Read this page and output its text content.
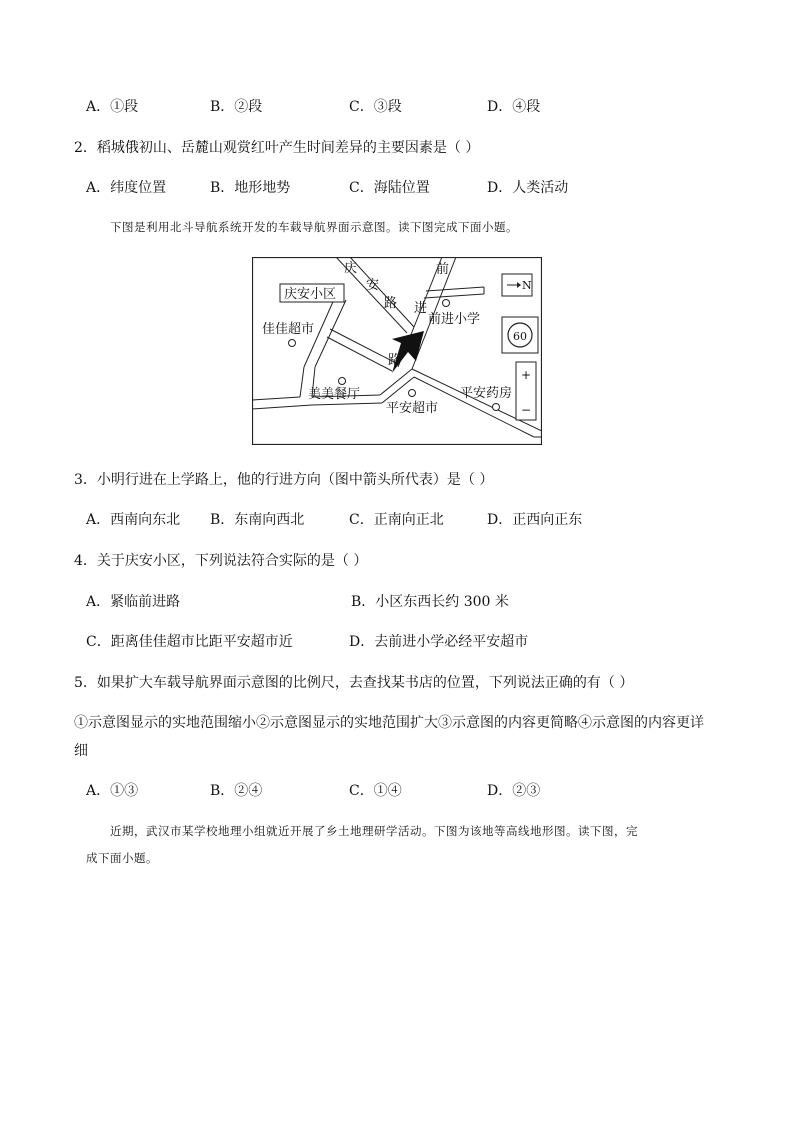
A．①段	B．②段	C．③段	D．④段
2．稻城俄初山、岳麓山观赏红叶产生时间差异的主要因素是（ ）
A．纬度位置	B．地形地势	C．海陆位置	D．人类活动
下图是利用北斗导航系统开发的车载导航界面示意图。读下图完成下面小题。
庆安小区
佳佳超市
美美餐厅
平安超市
平安药房
前进小学
庆
安
路
前
进
路
N
60
+
−
3．小明行进在上学路上，他的行进方向（图中箭头所代表）是（ ）
A．西南向东北 B．东南向西北	C．正南向正北	D．正西向正东
4．关于庆安小区，下列说法符合实际的是（ ）
A．紧临前进路	B．小区东西长约 300 米
C．距离佳佳超市比距平安超市近	D．去前进小学必经平安超市
5．如果扩大车载导航界面示意图的比例尺，去查找某书店的位置，下列说法正确的有（ ）
①示意图显示的实地范围缩小②示意图显示的实地范围扩大③示意图的内容更简略④示意图的内容更详
细
A．①③	B．②④	C．①④	D．②③
近期，武汉市某学校地理小组就近开展了乡土地理研学活动。下图为该地等高线地形图。读下图，完
成下面小题。
